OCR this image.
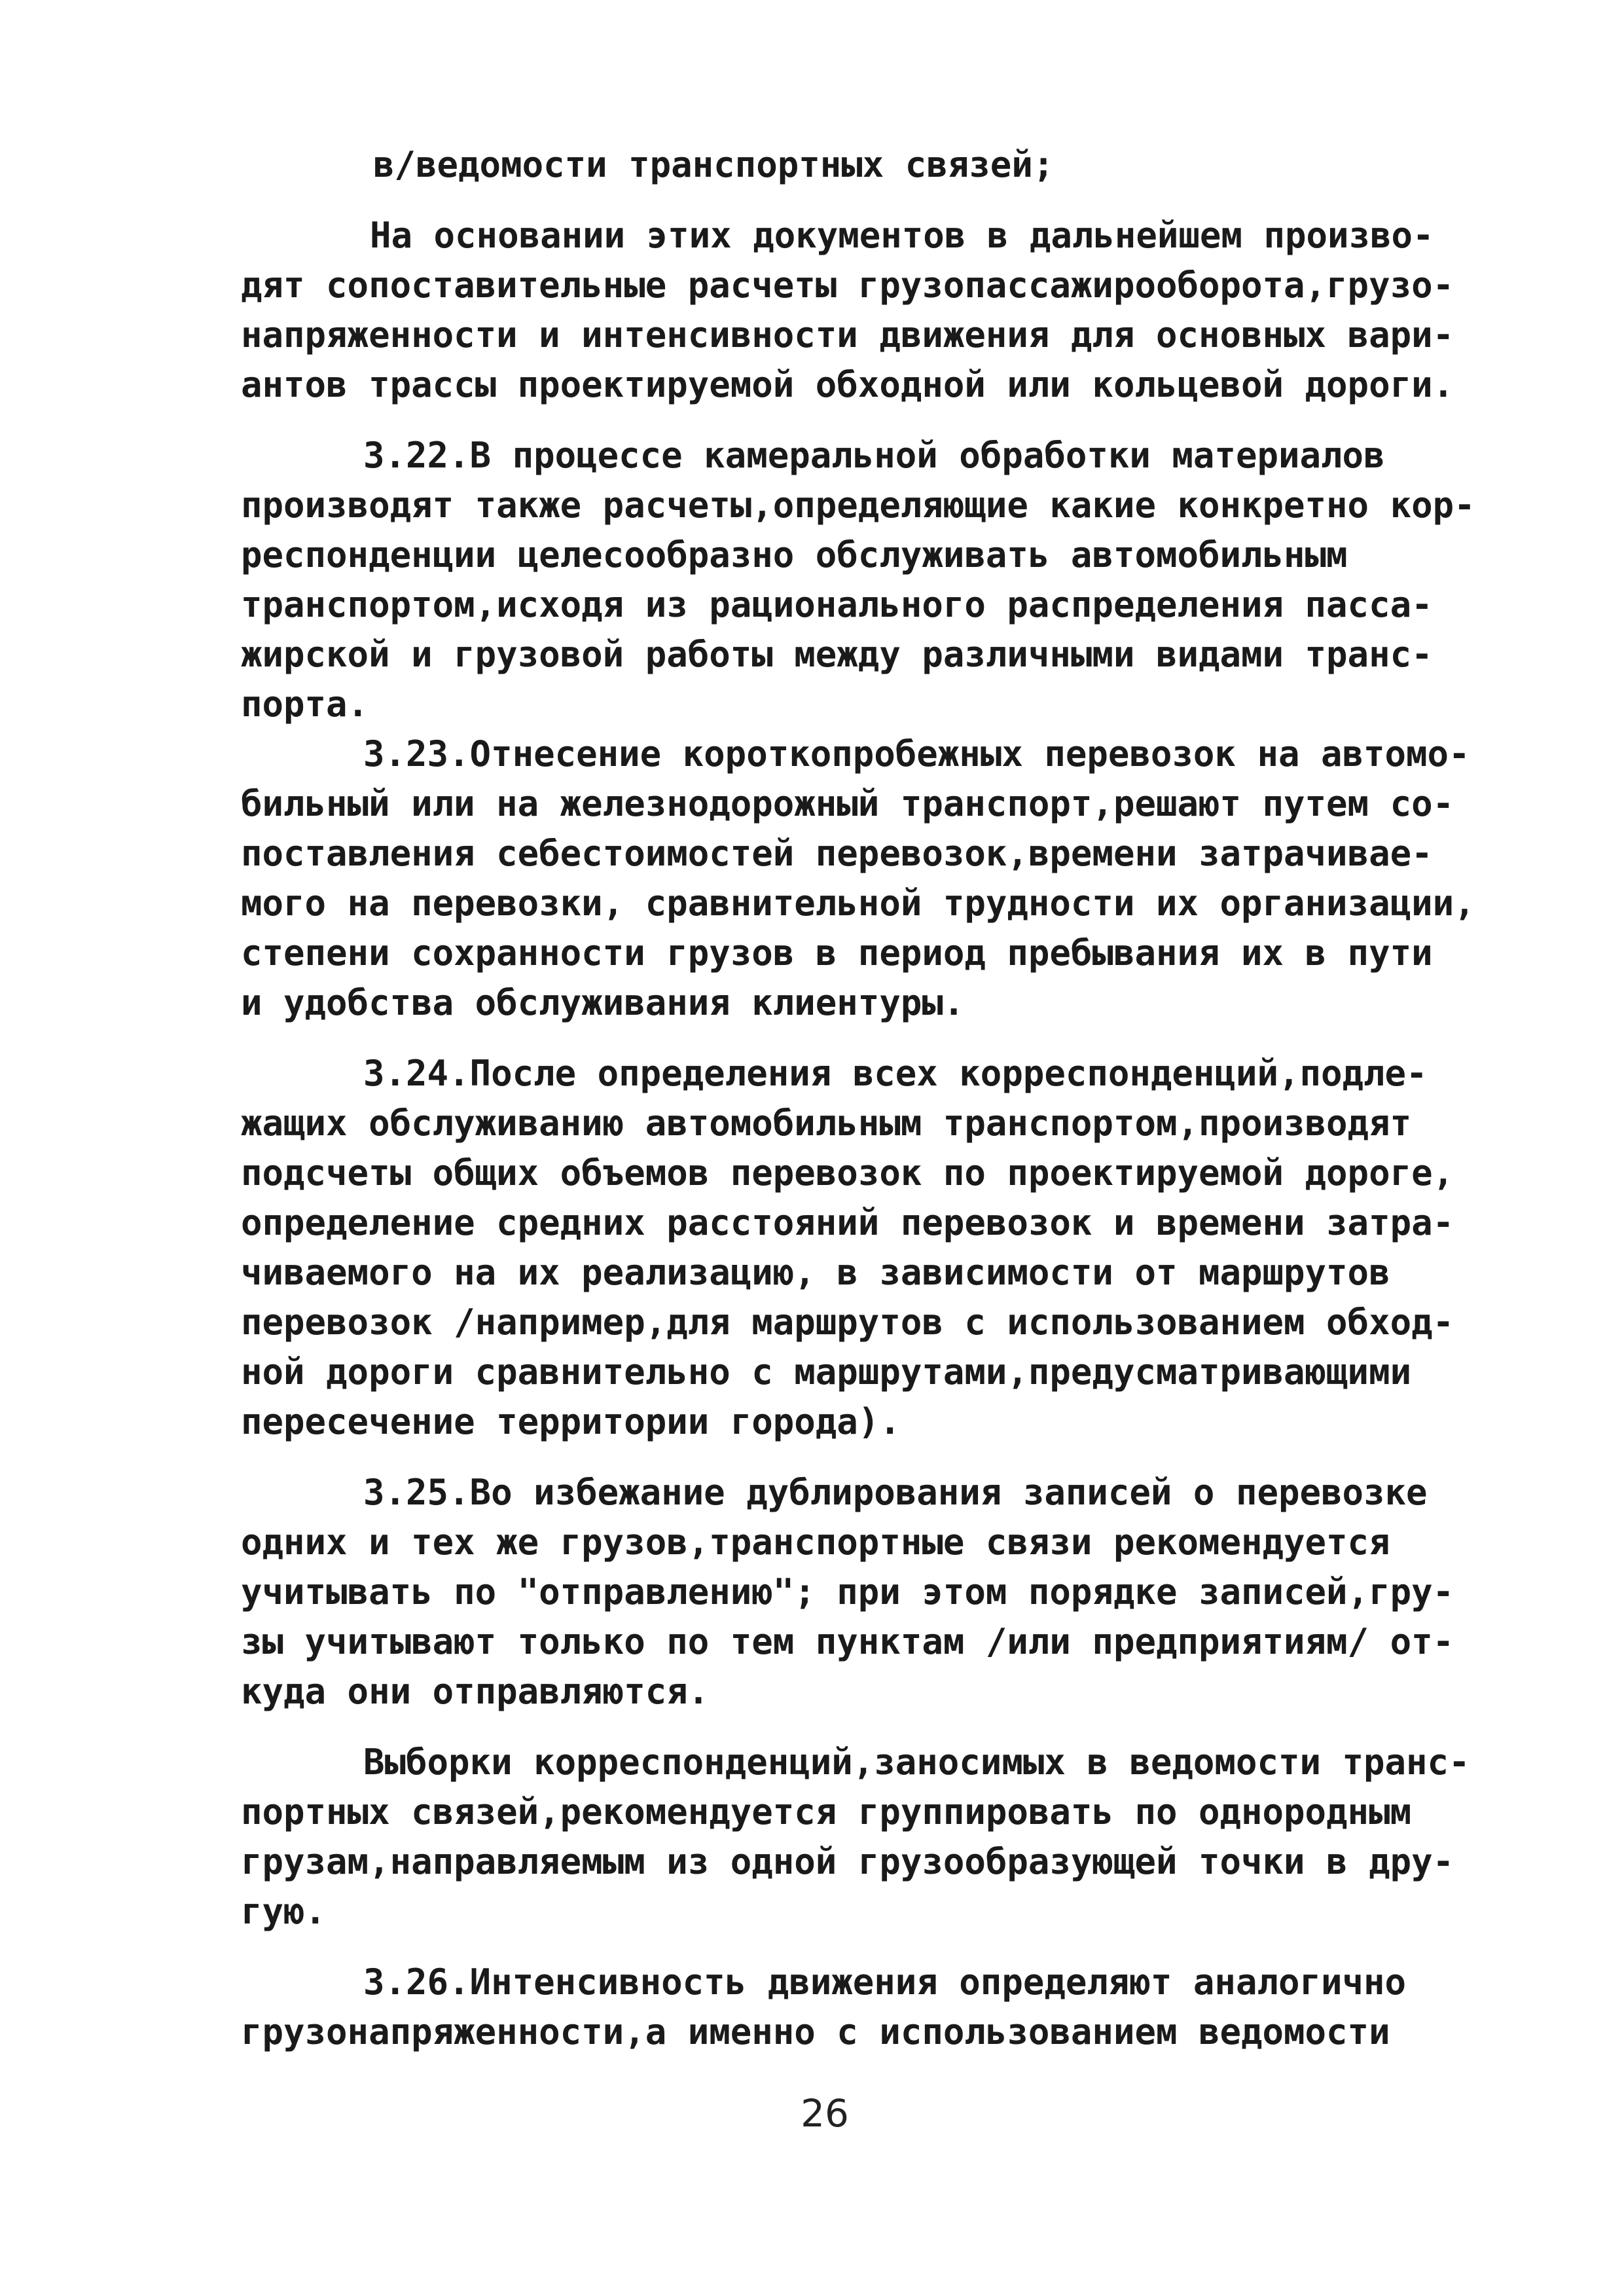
в/ведомости транспортных связей;
На основании этих документов в дальнейшем произво-
дят сопоставительные расчеты грузопассажирооборота,грузо-
напряженности и интенсивности движения для основных вари-
антов трассы проектируемой обходной или кольцевой дороги.
3.22.В процессе камеральной обработки материалов
производят также расчеты,определяющие какие конкретно кор-
респонденции целесообразно обслуживать автомобильным
транспортом,исходя из рационального распределения пасса-
жирской и грузовой работы между различными видами транс-
порта.
3.23.Отнесение короткопробежных перевозок на автомо-
бильный или на железнодорожный транспорт,решают путем со-
поставления себестоимостей перевозок,времени затрачивае-
мого на перевозки, сравнительной трудности их организации,
степени сохранности грузов в период пребывания их в пути
и удобства обслуживания клиентуры.
3.24.После определения всех корреспонденций,подле-
жащих обслуживанию автомобильным транспортом,производят
подсчеты общих объемов перевозок по проектируемой дороге,
определение средних расстояний перевозок и времени затра-
чиваемого на их реализацию, в зависимости от маршрутов
перевозок /например,для маршрутов с использованием обход-
ной дороги сравнительно с маршрутами,предусматривающими
пересечение территории города).
3.25.Во избежание дублирования записей о перевозке
одних и тех же грузов,транспортные связи рекомендуется
учитывать по "отправлению"; при этом порядке записей,гру-
зы учитывают только по тем пунктам /или предприятиям/ от-
куда они отправляются.
Выборки корреспонденций,заносимых в ведомости транс-
портных связей,рекомендуется группировать по однородным
грузам,направляемым из одной грузообразующей точки в дру-
гую.
3.26.Интенсивность движения определяют аналогично
грузонапряженности,а именно с использованием ведомости
26
